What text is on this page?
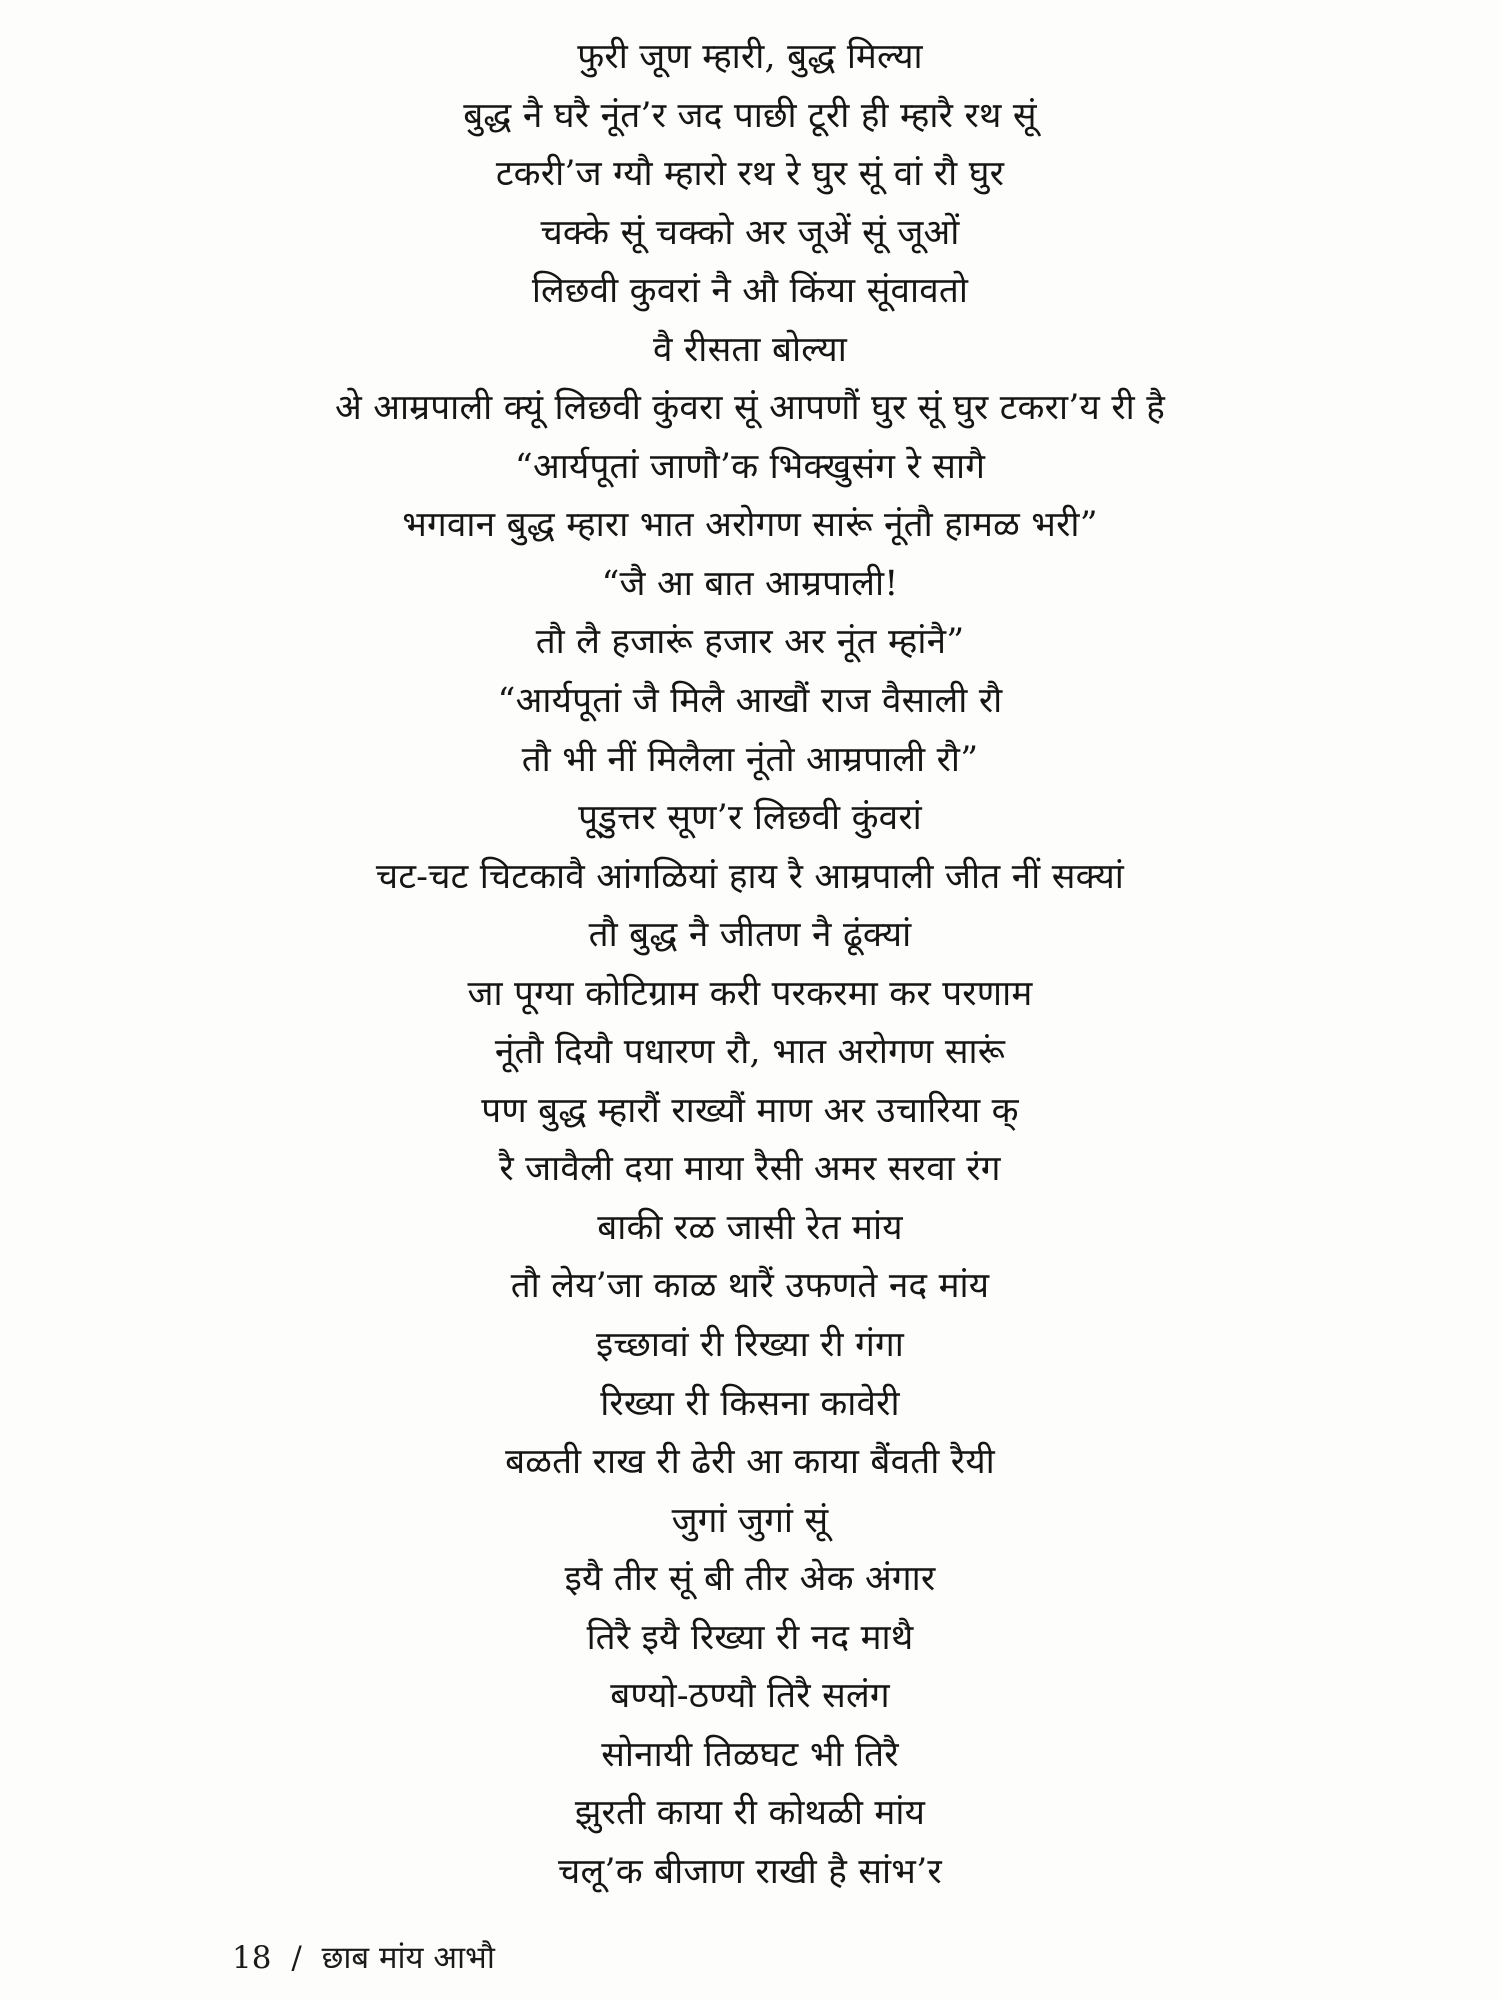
फुरी जूण म्हारी, बुद्ध मिल्या
बुद्ध नै घरै नूंत’र जद पाछी टूरी ही म्हारै रथ सूं
टकरी’ज ग्यौ म्हारो रथ रे घुर सूं वां रौ घुर
चक्के सूं चक्को अर जूअें सूं जूओं
लिछवी कुवरां नै औ किंया सूंवावतो
वै रीसता बोल्या
अे आम्रपाली क्यूं लिछवी कुंवरा सूं आपणौं घुर सूं घुर टकरा’य री है
“आर्यपूतां जाणौ’क भिक्खुसंग रे सागै
भगवान बुद्ध म्हारा भात अरोगण सारूं नूंतौ हामळ भरी”
“जै आ बात आम्रपाली!
तौ लै हजारूं हजार अर नूंत म्हांनै”
“आर्यपूतां जै मिलै आखौं राज वैसाली रौ
तौ भी नीं मिलैला नूंतो आम्रपाली रौ”
पूडुत्तर सूण’र लिछवी कुंवरां
चट-चट चिटकावै आंगळियां हाय रै आम्रपाली जीत नीं सक्यां
तौ बुद्ध नै जीतण नै ढूंक्यां
जा पूग्या कोटिग्राम करी परकरमा कर परणाम
नूंतौ दियौ पधारण रौ, भात अरोगण सारूं
पण बुद्ध म्हारौं राख्यौं माण अर उचारिया क्
रै जावैली दया माया रैसी अमर सरवा रंग
बाकी रळ जासी रेत मांय
तौ लेय’जा काळ थारैं उफणते नद मांय
इच्छावां री रिख्या री गंगा
रिख्या री किसना कावेरी
बळती राख री ढेरी आ काया बैंवती रैयी
जुगां जुगां सूं
इयै तीर सूं बी तीर अेक अंगार
तिरै इयै रिख्या री नद माथै
बण्यो-ठण्यौ तिरै सलंग
सोनायी तिळघट भी तिरै
झुरती काया री कोथळी मांय
चलू’क बीजाण राखी है सांभ’र
18 / छाब मांय आभौ
